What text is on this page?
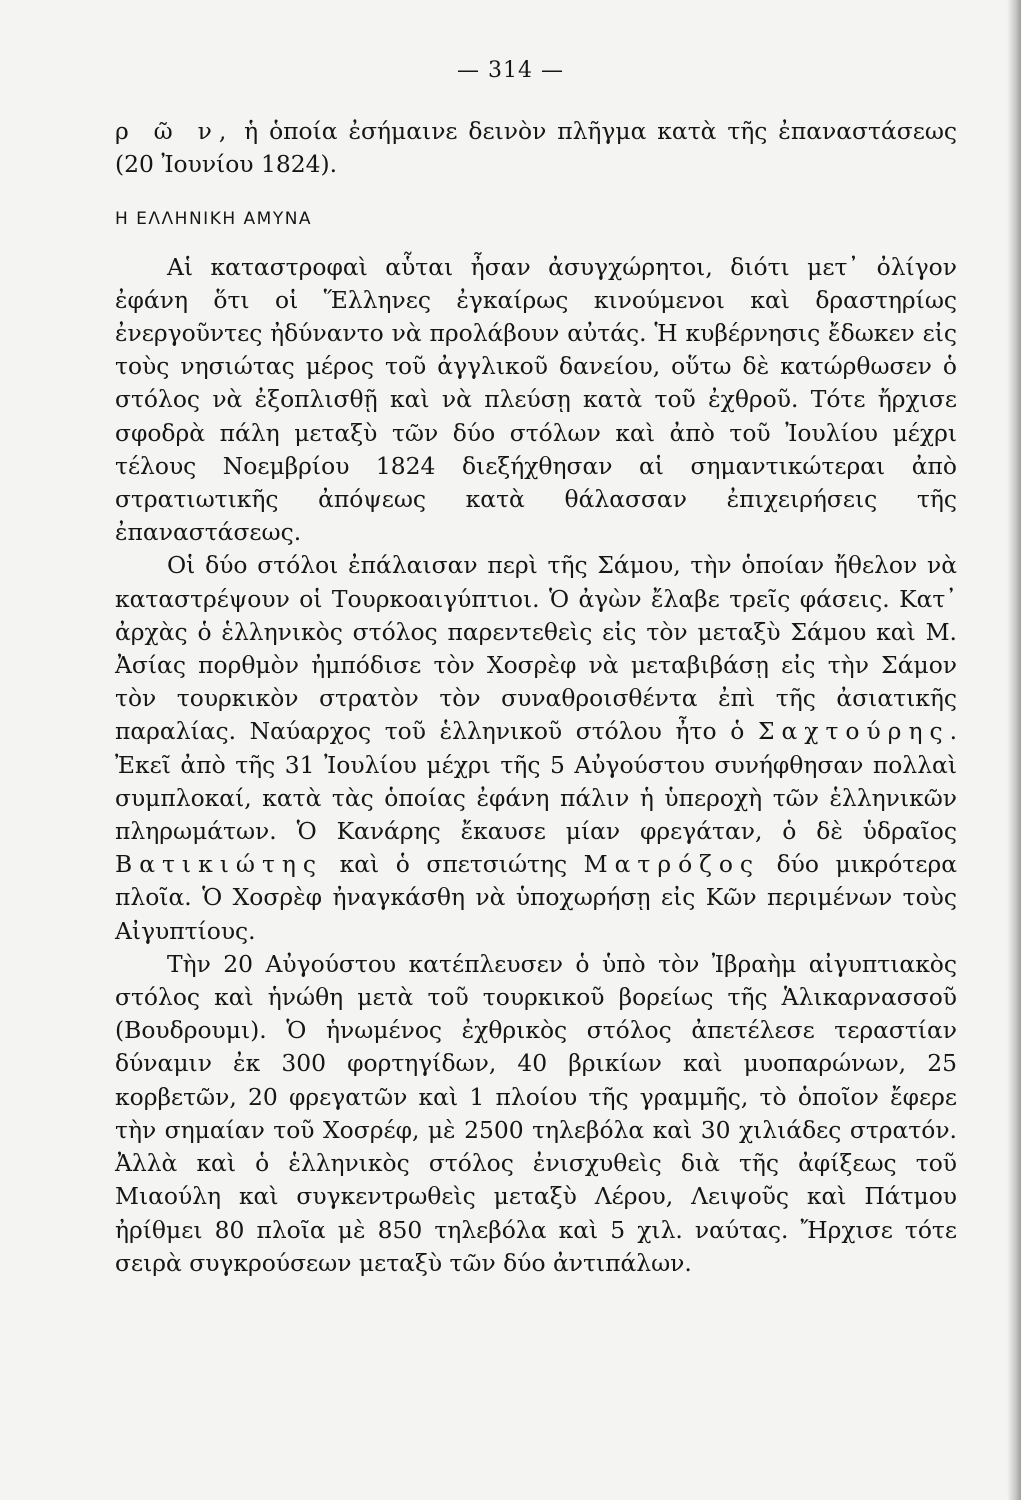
— 314 —

ρ ῶ ν, ἡ ὁποία ἐσήμαινε δεινὸν πλῆγμα κατὰ τῆς ἐπαναστάσεως (20 Ἰουνίου 1824).

Η ΕΛΛΗΝΙΚΗ ΑΜΥΝΑ

Αἱ καταστροφαὶ αὗται ἦσαν ἀσυγχώρητοι, διότι μετ᾽ ὀλίγον ἐφάνη ὅτι οἱ Ἕλληνες ἐγκαίρως κινούμενοι καὶ δραστηρίως ἐνεργοῦντες ἠδύναντο νὰ προλάβουν αὐτάς. Ἡ κυβέρνησις ἔδωκεν εἰς τοὺς νησιώτας μέρος τοῦ ἀγγλικοῦ δανείου, οὕτω δὲ κατώρθωσεν ὁ στόλος νὰ ἐξοπλισθῇ καὶ νὰ πλεύσῃ κατὰ τοῦ ἐχθροῦ. Τότε ἤρχισε σφοδρὰ πάλη μεταξὺ τῶν δύο στόλων καὶ ἀπὸ τοῦ Ἰουλίου μέχρι τέλους Νοεμβρίου 1824 διεξήχθησαν αἱ σημαντικώτεραι ἀπὸ στρατιωτικῆς ἀπόψεως κατὰ θάλασσαν ἐπιχειρήσεις τῆς ἐπαναστάσεως.

Οἱ δύο στόλοι ἐπάλαισαν περὶ τῆς Σάμου, τὴν ὁποίαν ἤθελον νὰ καταστρέψουν οἱ Τουρκοαιγύπτιοι. Ὁ ἀγὼν ἔλαβε τρεῖς φάσεις. Κατ᾽ ἀρχὰς ὁ ἑλληνικὸς στόλος παρεντεθεὶς εἰς τὸν μεταξὺ Σάμου καὶ Μ. Ἀσίας πορθμὸν ἠμπόδισε τὸν Χοσρὲφ νὰ μεταβιβάσῃ εἰς τὴν Σάμον τὸν τουρκικὸν στρατὸν τὸν συναθροισθέντα ἐπὶ τῆς ἀσιατικῆς παραλίας. Ναύαρχος τοῦ ἑλληνικοῦ στόλου ἦτο ὁ Σαχτούρης. Ἐκεῖ ἀπὸ τῆς 31 Ἰουλίου μέχρι τῆς 5 Αὐγούστου συνήφθησαν πολλαὶ συμπλοκαί, κατὰ τὰς ὁποίας ἐφάνη πάλιν ἡ ὑπεροχὴ τῶν ἑλληνικῶν πληρωμάτων. Ὁ Κανάρης ἔκαυσε μίαν φρεγάταν, ὁ δὲ ὑδραῖος Βατικιώτης καὶ ὁ σπετσιώτης Ματρόζος δύο μικρότερα πλοῖα. Ὁ Χοσρὲφ ἠναγκάσθη νὰ ὑποχωρήσῃ εἰς Κῶν περιμένων τοὺς Αἰγυπτίους.

Τὴν 20 Αὐγούστου κατέπλευσεν ὁ ὑπὸ τὸν Ἰβραὴμ αἰγυπτιακὸς στόλος καὶ ἡνώθη μετὰ τοῦ τουρκικοῦ βορείως τῆς Ἁλικαρνασσοῦ (Βουδρουμι). Ὁ ἡνωμένος ἐχθρικὸς στόλος ἀπετέλεσε τεραστίαν δύναμιν ἐκ 300 φορτηγίδων, 40 βρικίων καὶ μυοπαρώνων, 25 κορβετῶν, 20 φρεγατῶν καὶ 1 πλοίου τῆς γραμμῆς, τὸ ὁποῖον ἔφερε τὴν σημαίαν τοῦ Χοσρέφ, μὲ 2500 τηλεβόλα καὶ 30 χιλιάδες στρατόν. Ἀλλὰ καὶ ὁ ἑλληνικὸς στόλος ἐνισχυθεὶς διὰ τῆς ἀφίξεως τοῦ Μιαούλη καὶ συγκεντρωθεὶς μεταξὺ Λέρου, Λειψοῦς καὶ Πάτμου ἠρίθμει 80 πλοῖα μὲ 850 τηλεβόλα καὶ 5 χιλ. ναύτας. Ἤρχισε τότε σειρὰ συγκρούσεων μεταξὺ τῶν δύο ἀντιπάλων.
